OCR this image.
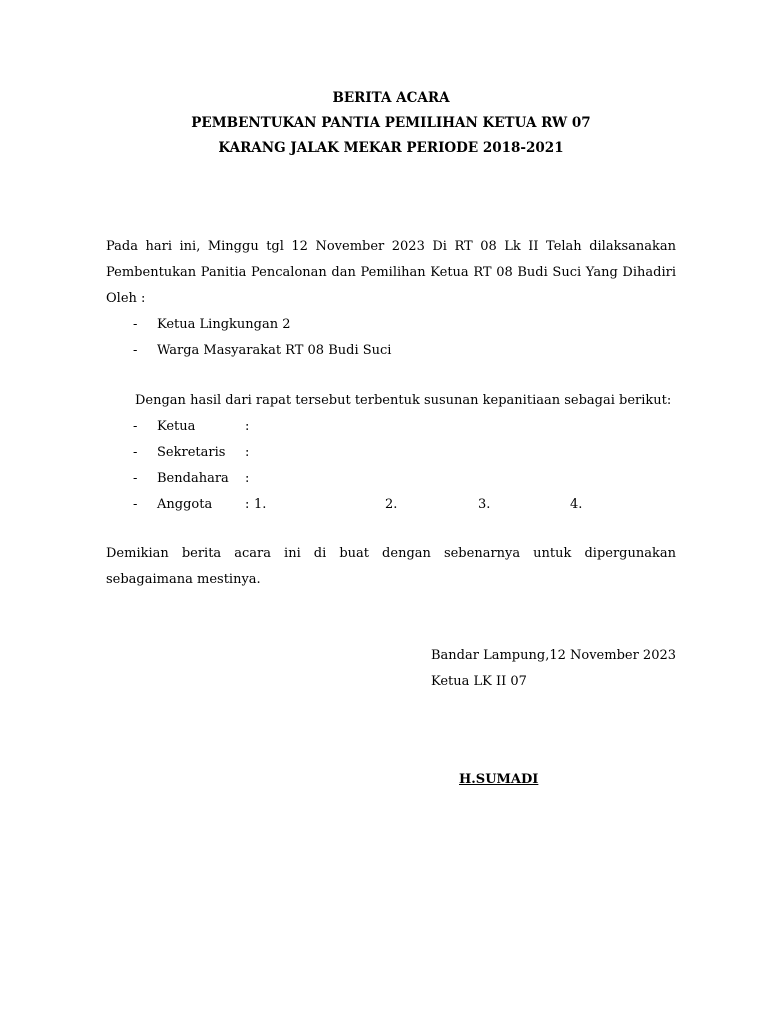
BERITA ACARA
PEMBENTUKAN PANTIA PEMILIHAN KETUA RW 07
KARANG JALAK MEKAR PERIODE 2018-2021
Pada hari ini, Minggu tgl 12 November 2023 Di RT 08 Lk II Telah dilaksanakan
Pembentukan Panitia Pencalonan dan Pemilihan Ketua RT 08 Budi Suci Yang Dihadiri
Oleh :
- Ketua Lingkungan 2
- Warga Masyarakat RT 08 Budi Suci
Dengan hasil dari rapat tersebut terbentuk susunan kepanitiaan sebagai berikut:
- Ketua	:
- Sekretaris :
- Bendahara :
- Anggota	: 1.	2.	3.	4.
Demikian berita acara ini di buat dengan sebenarnya untuk dipergunakan
sebagaimana mestinya.
Bandar Lampung,12 November 2023
Ketua LK II 07
H.SUMADI
